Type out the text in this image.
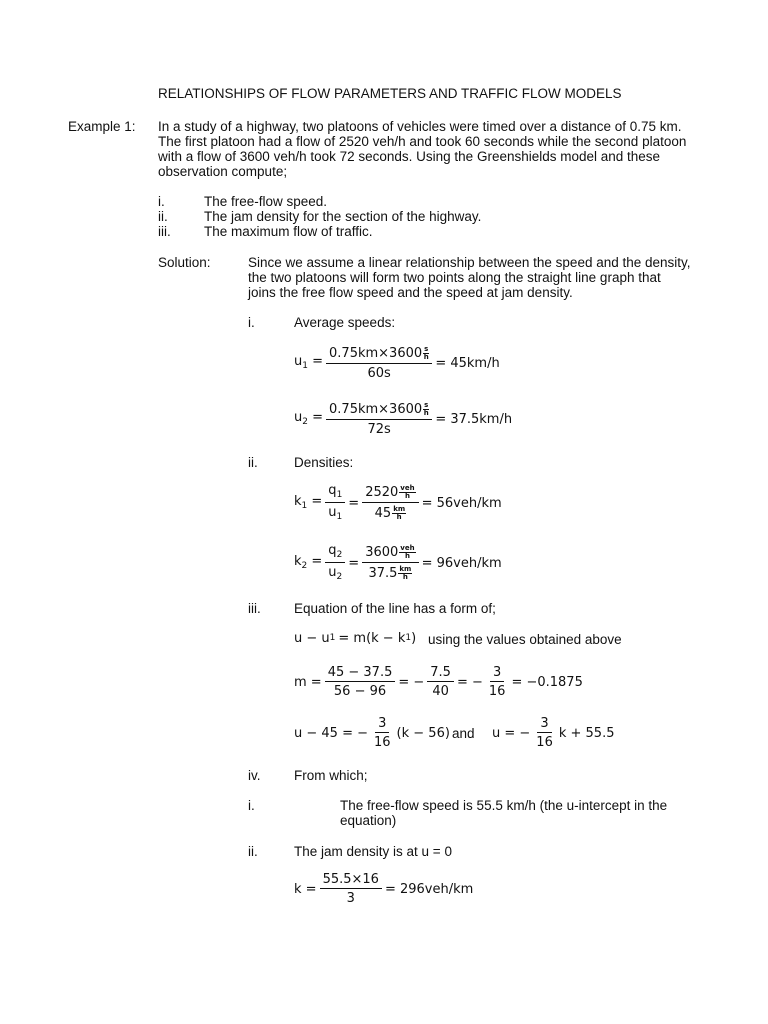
RELATIONSHIPS OF FLOW PARAMETERS AND TRAFFIC FLOW MODELS
Example 1: In a study of a highway, two platoons of vehicles were timed over a distance of 0.75 km.
The first platoon had a flow of 2520 veh/h and took 60 seconds while the second platoon
with a flow of 3600 veh/h took 72 seconds. Using the Greenshields model and these
observation compute;
i.	The free-flow speed.
ii.	The jam density for the section of the highway.
iii. The maximum flow of traffic.
Solution:	Since we assume a linear relationship between the speed and the density,
the two platoons will form two points along the straight line graph that
joins the free flow speed and the speed at jam density.
i.	Average speeds:
$u_1 = \frac{0.75km\times 3600 \frac{s}{h}}{60s} = 45km/h$
$u_2 = \frac{0.75km\times 3600 \frac{s}{h}}{72s} = 37.5km/h$
ii.	Densities:
$k_1 = \frac{q_1}{u_1} = \frac{2520 \frac{\text{veh}}{h}}{45 \frac{km}{h}} = 56veh/km$
$k_2 = \frac{q_2}{u_2} = \frac{3600 \frac{\text{veh}}{h}}{37.5 \frac{km}{h}} = 96veh/km$
iii. Equation of the line has a form of;
u − u 1 = m(k − k 1 ) using the values obtained above
$m = \frac{45 - 37.5}{56 - 96}$ = − $\frac{7.5}{40}$ = − $\frac{3}{16} = -0.1875$
u − 45 = − $\frac{3}{16} (k - 56)$ and u = − $\frac{3}{16}$ k + 55.5
iv. From which;
i.	The free-flow speed is 55.5 km/h (the u-intercept in the
equation)
ii.	The jam density is at u = 0
$k = \frac{55.5\times 16}{3} = 296veh/km$
